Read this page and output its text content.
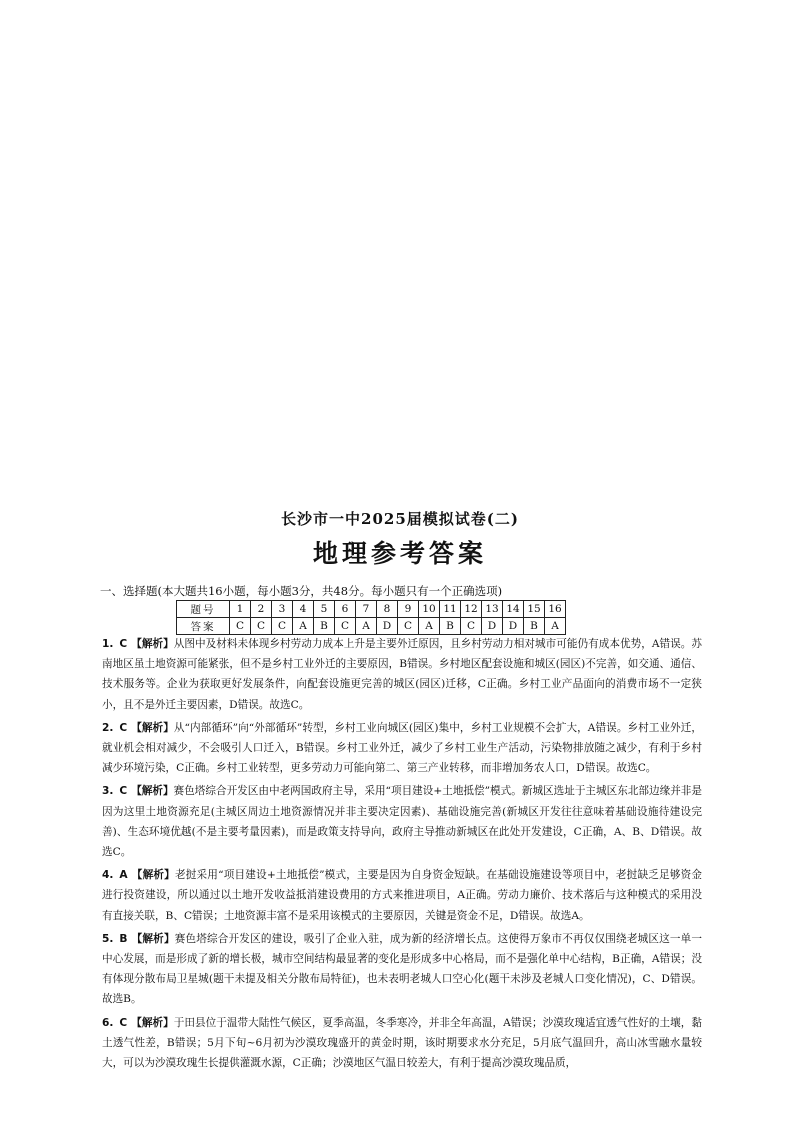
长沙市一中2025届模拟试卷(二)
地理参考答案
一、选择题(本大题共16小题，每小题3分，共48分。每小题只有一个正确选项)
题号	1	2	3	4	5	6	7	8	9	10	11	12	13	14	15	16
答案	C	C	C	A	B	C	A	D	C	A	B	C	D	D	B	A
1. C 【解析】从图中及材料未体现乡村劳动力成本上升是主要外迁原因，且乡村劳动力相对城市可能仍有成本优势，A错误。苏南地区虽土地资源可能紧张，但不是乡村工业外迁的主要原因，B错误。乡村地区配套设施和城区(园区)不完善，如交通、通信、技术服务等。企业为获取更好发展条件，向配套设施更完善的城区(园区)迁移，C正确。乡村工业产品面向的消费市场不一定狭小，且不是外迁主要因素，D错误。故选C。
2. C 【解析】从“内部循环”向“外部循环”转型，乡村工业向城区(园区)集中，乡村工业规模不会扩大，A错误。乡村工业外迁，就业机会相对减少，不会吸引人口迁入，B错误。乡村工业外迁，减少了乡村工业生产活动，污染物排放随之减少，有利于乡村减少环境污染，C正确。乡村工业转型，更多劳动力可能向第二、第三产业转移，而非增加务农人口，D错误。故选C。
3. C 【解析】赛色塔综合开发区由中老两国政府主导，采用“项目建设+土地抵偿”模式。新城区选址于主城区东北部边缘并非是因为这里土地资源充足(主城区周边土地资源情况并非主要决定因素)、基础设施完善(新城区开发往往意味着基础设施待建设完善)、生态环境优越(不是主要考量因素)，而是政策支持导向，政府主导推动新城区在此处开发建设，C正确，A、B、D错误。故选C。
4. A 【解析】老挝采用“项目建设+土地抵偿”模式，主要是因为自身资金短缺。在基础设施建设等项目中，老挝缺乏足够资金进行投资建设，所以通过以土地开发收益抵消建设费用的方式来推进项目，A正确。劳动力廉价、技术落后与这种模式的采用没有直接关联，B、C错误；土地资源丰富不是采用该模式的主要原因，关键是资金不足，D错误。故选A。
5. B 【解析】赛色塔综合开发区的建设，吸引了企业入驻，成为新的经济增长点。这使得万象市不再仅仅围绕老城区这一单一中心发展，而是形成了新的增长极，城市空间结构最显著的变化是形成多中心格局，而不是强化单中心结构，B正确，A错误；没有体现分散布局卫星城(题干未提及相关分散布局特征)，也未表明老城人口空心化(题干未涉及老城人口变化情况)，C、D错误。故选B。
6. C 【解析】于田县位于温带大陆性气候区，夏季高温，冬季寒冷，并非全年高温，A错误；沙漠玫瑰适宜透气性好的土壤，黏土透气性差，B错误；5月下旬~6月初为沙漠玫瑰盛开的黄金时期，该时期要求水分充足，5月底气温回升，高山冰雪融水量较大，可以为沙漠玫瑰生长提供灌溉水源，C正确；沙漠地区气温日较差大，有利于提高沙漠玫瑰品质，
